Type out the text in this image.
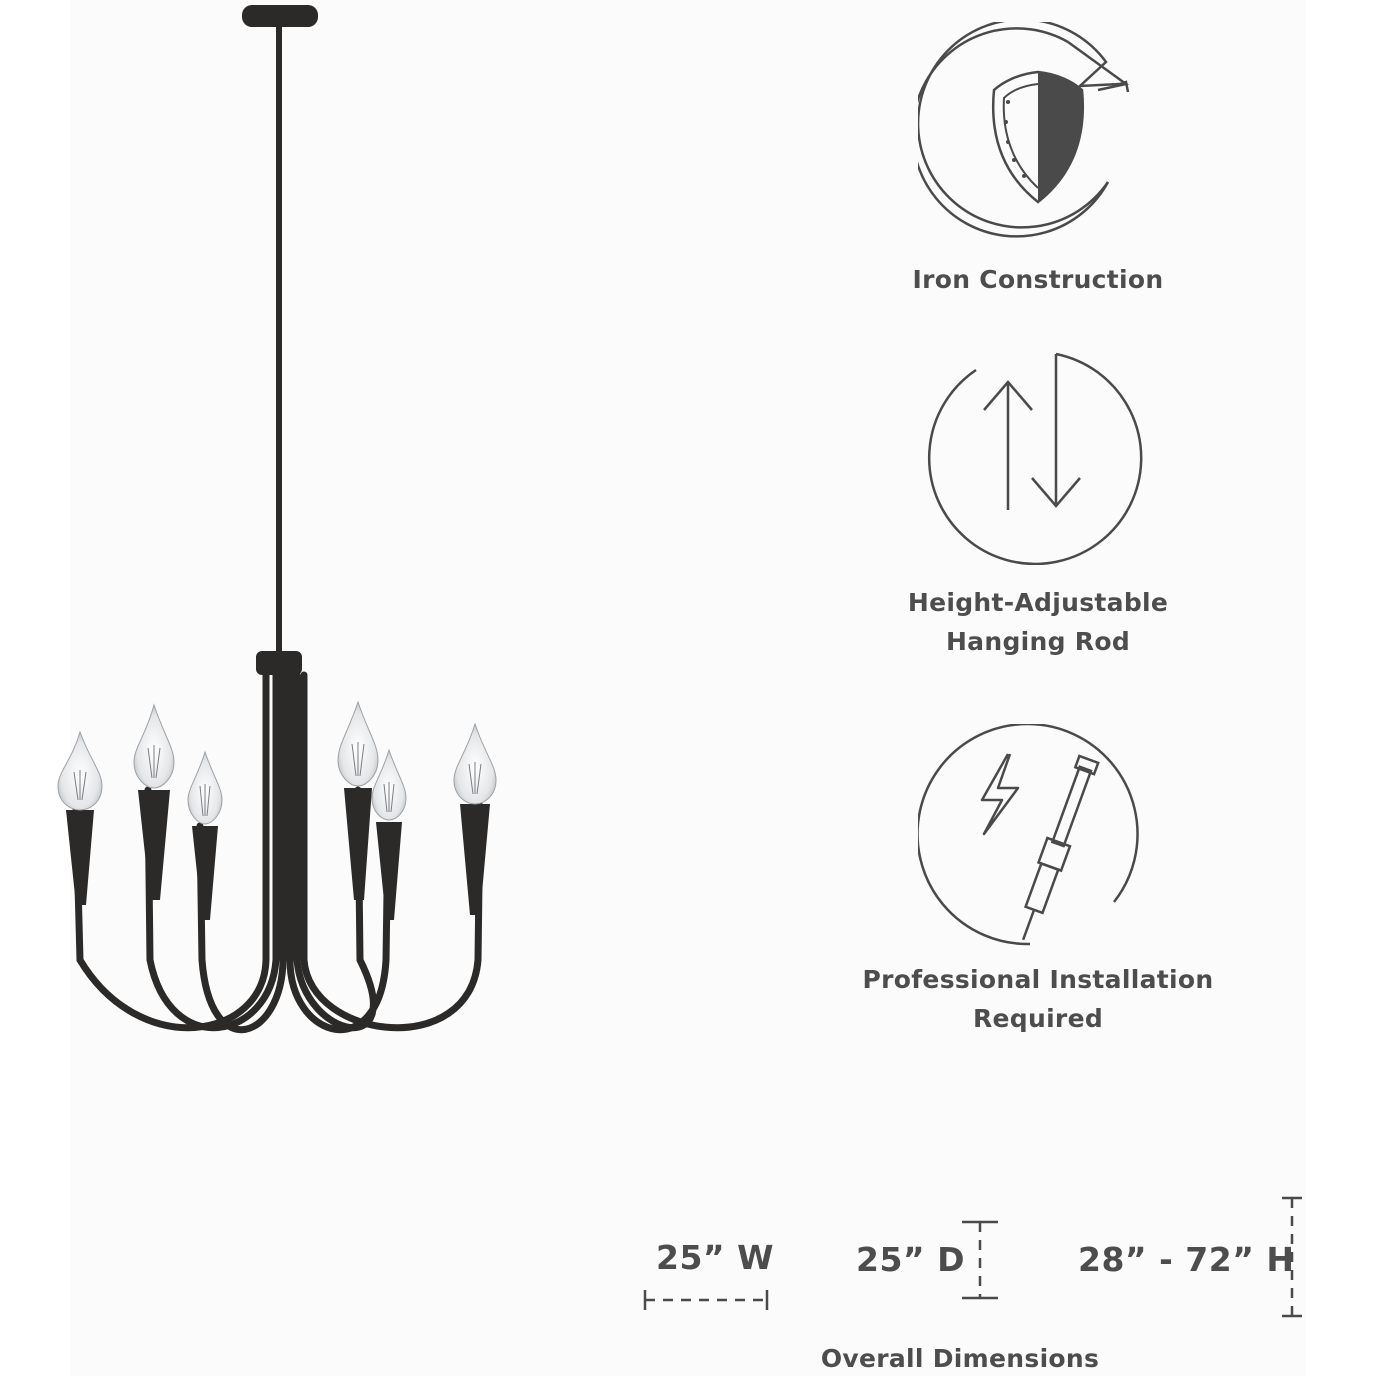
Iron Construction
Height-Adjustable
Hanging Rod
Professional Installation
Required
25” W 25” D	28” - 72” H
Overall Dimensions
